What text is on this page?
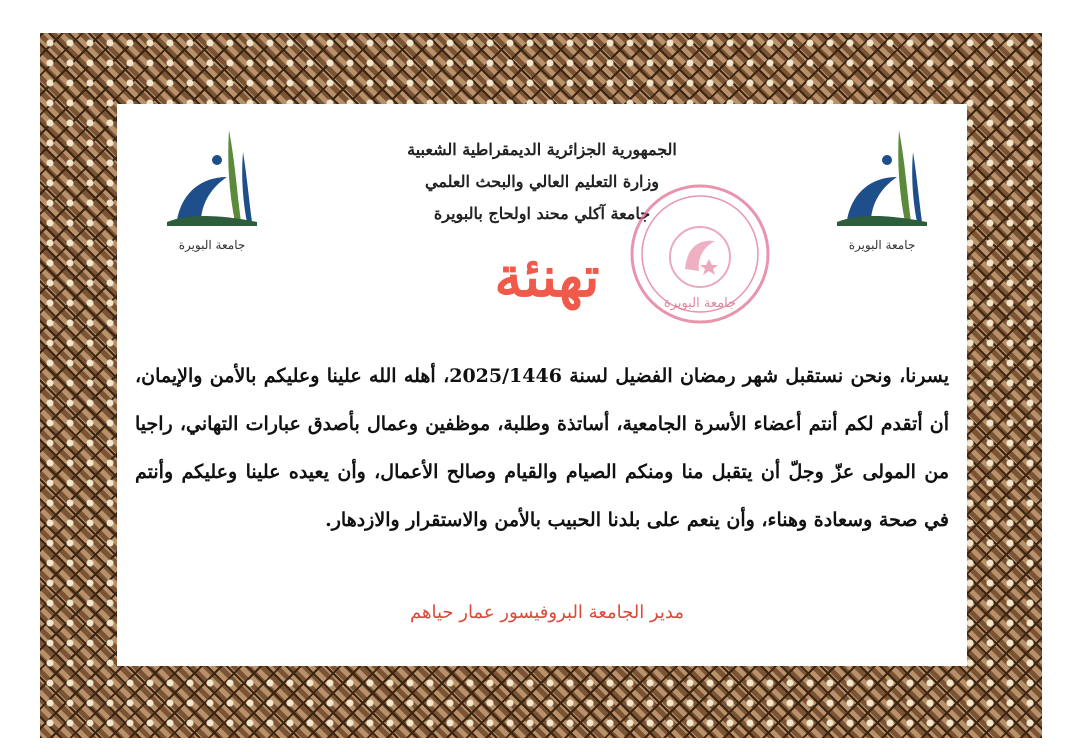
جامعة البويرة	جامعة البويرة
الجمهورية الجزائرية الديمقراطية الشعبية
وزارة التعليم العالي والبحث العلمي
جامعة آكلي محند اولحاج بالبويرة
جامعة البويرة
تهنئة
يسرنا، ونحن نستقبل شهر رمضان الفضيل لسنة 2025/1446، أهله الله علينا وعليكم بالأمن والإيمان، أن أتقدم لكم أنتم أعضاء الأسرة الجامعية، أساتذة وطلبة، موظفين وعمال بأصدق عبارات التهاني، راجيا من المولى عزّ وجلّ أن يتقبل منا ومنكم الصيام والقيام وصالح الأعمال، وأن يعيده علينا وعليكم وأنتم في صحة وسعادة وهناء، وأن ينعم على بلدنا الحبيب بالأمن والاستقرار والازدهار.
مدير الجامعة البروفيسور عمار حياهم
